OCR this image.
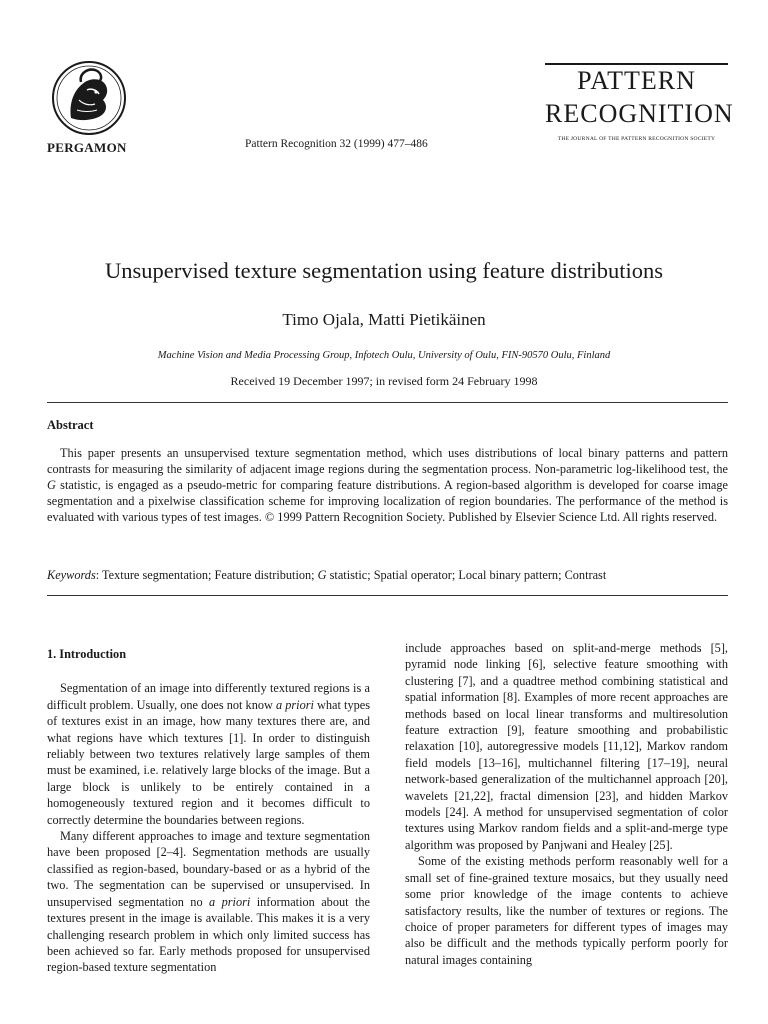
PERGAMON	Pattern Recognition 32 (1999) 477–486
PATTERN
RECOGNITION
THE JOURNAL OF THE PATTERN RECOGNITION SOCIETY
Unsupervised texture segmentation using feature distributions
Timo Ojala, Matti Pietikäinen
Machine Vision and Media Processing Group, Infotech Oulu, University of Oulu, FIN-90570 Oulu, Finland
Received 19 December 1997; in revised form 24 February 1998
Abstract

This paper presents an unsupervised texture segmentation method, which uses distributions of local binary patterns and pattern contrasts for measuring the similarity of adjacent image regions during the segmentation process. Non-parametric log-likelihood test, the G statistic, is engaged as a pseudo-metric for comparing feature distributions. A region-based algorithm is developed for coarse image segmentation and a pixelwise classification scheme for improving localization of region boundaries. The performance of the method is evaluated with various types of test images. © 1999 Pattern Recognition Society. Published by Elsevier Science Ltd. All rights reserved.

Keywords: Texture segmentation; Feature distribution; G statistic; Spatial operator; Local binary pattern; Contrast
1. Introduction

Segmentation of an image into differently textured regions is a difficult problem. Usually, one does not know a priori what types of textures exist in an image, how many textures there are, and what regions have which textures [1]. In order to distinguish reliably between two textures relatively large samples of them must be examined, i.e. relatively large blocks of the image. But a large block is unlikely to be entirely contained in a homogeneously textured region and it becomes difficult to correctly determine the boundaries between regions.

Many different approaches to image and texture segmentation have been proposed [2–4]. Segmentation methods are usually classified as region-based, boundary-based or as a hybrid of the two. The segmentation can be supervised or unsupervised. In unsupervised segmentation no a priori information about the textures present in the image is available. This makes it is a very challenging research problem in which only limited success has been achieved so far. Early methods proposed for unsupervised region-based texture segmentation

include approaches based on split-and-merge methods [5], pyramid node linking [6], selective feature smoothing with clustering [7], and a quadtree method combining statistical and spatial information [8]. Examples of more recent approaches are methods based on local linear transforms and multiresolution feature extraction [9], feature smoothing and probabilistic relaxation [10], autoregressive models [11,12], Markov random field models [13–16], multichannel filtering [17–19], neural network-based generalization of the multichannel approach [20], wavelets [21,22], fractal dimension [23], and hidden Markov models [24]. A method for unsupervised segmentation of color textures using Markov random fields and a split-and-merge type algorithm was proposed by Panjwani and Healey [25].

Some of the existing methods perform reasonably well for a small set of fine-grained texture mosaics, but they usually need some prior knowledge of the image contents to achieve satisfactory results, like the number of textures or regions. The choice of proper parameters for different types of images may also be difficult and the methods typically perform poorly for natural images containing
